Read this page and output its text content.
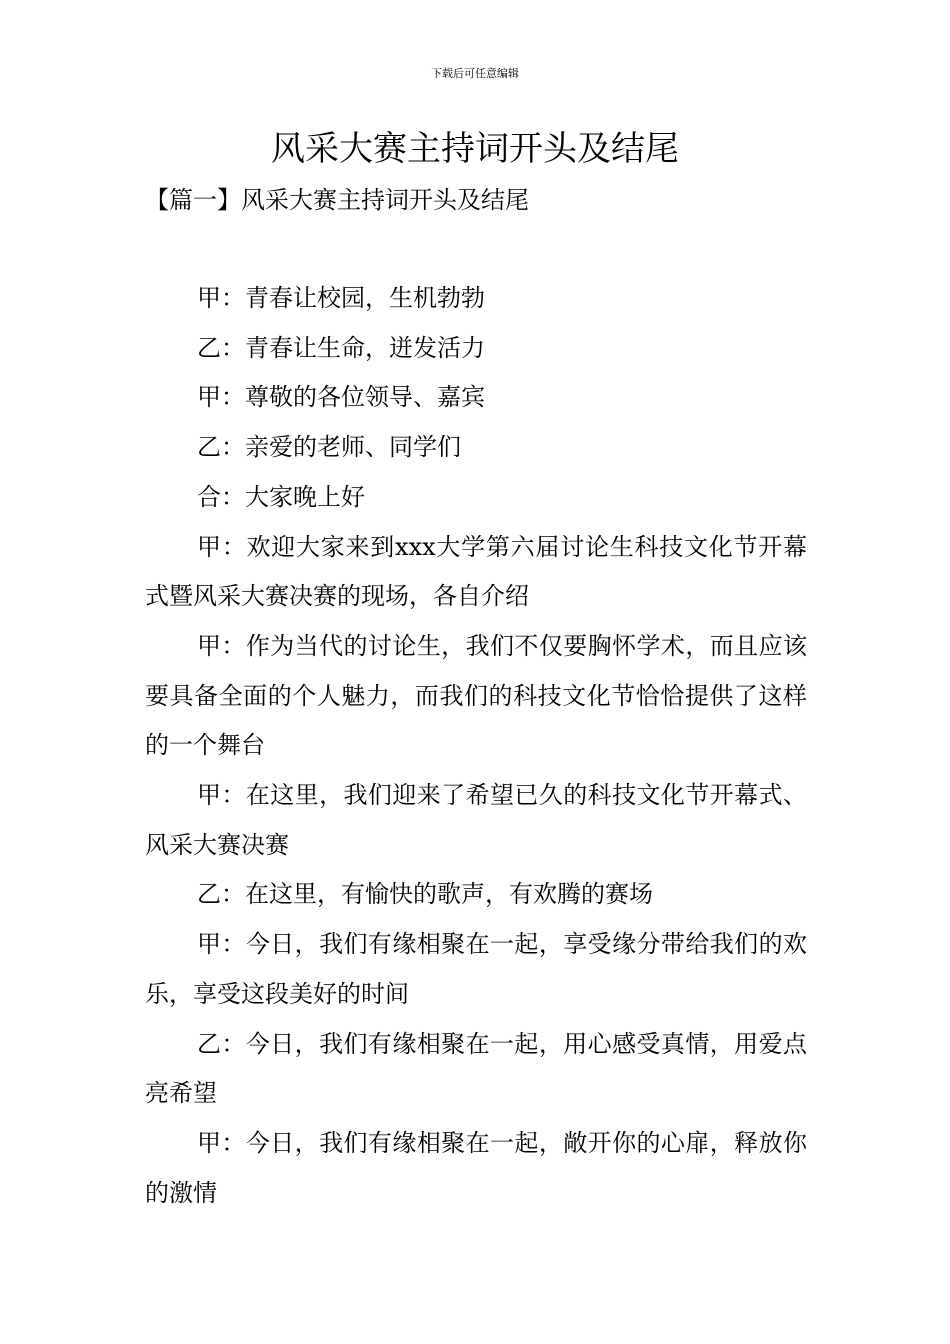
下载后可任意编辑
风采大赛主持词开头及结尾
【篇一】风采大赛主持词开头及结尾

甲：青春让校园，生机勃勃

乙：青春让生命，迸发活力

甲：尊敬的各位领导、嘉宾

乙：亲爱的老师、同学们

合：大家晚上好

甲：欢迎大家来到xxx大学第六届讨论生科技文化节开幕式暨风采大赛决赛的现场，各自介绍

甲：作为当代的讨论生，我们不仅要胸怀学术，而且应该要具备全面的个人魅力，而我们的科技文化节恰恰提供了这样的一个舞台

甲：在这里，我们迎来了希望已久的科技文化节开幕式、风采大赛决赛

乙：在这里，有愉快的歌声，有欢腾的赛场

甲：今日，我们有缘相聚在一起，享受缘分带给我们的欢乐，享受这段美好的时间

乙：今日，我们有缘相聚在一起，用心感受真情，用爱点亮希望

甲：今日，我们有缘相聚在一起，敞开你的心扉，释放你的激情
